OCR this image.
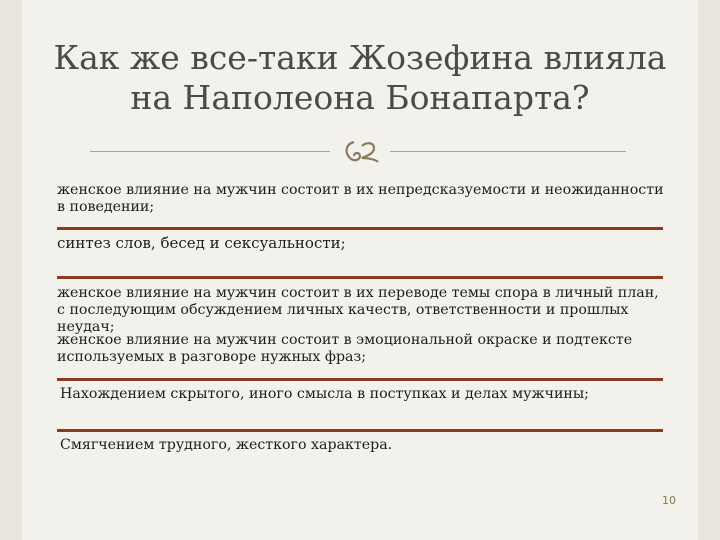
Как же все-таки Жозефина влияла
на Наполеона Бонапарта?

женское влияние на мужчин состоит в их непредсказуемости и неожиданности в поведении;

синтез слов, бесед и сексуальности;

женское влияние на мужчин состоит в их переводе темы спора в личный план, с последующим обсуждением личных качеств, ответственности и прошлых неудач;

женское влияние на мужчин состоит в эмоциональной окраске и подтексте используемых в разговоре нужных фраз;

Нахождением скрытого, иного смысла в поступках и делах мужчины;

Смягчением трудного, жесткого характера.

10
